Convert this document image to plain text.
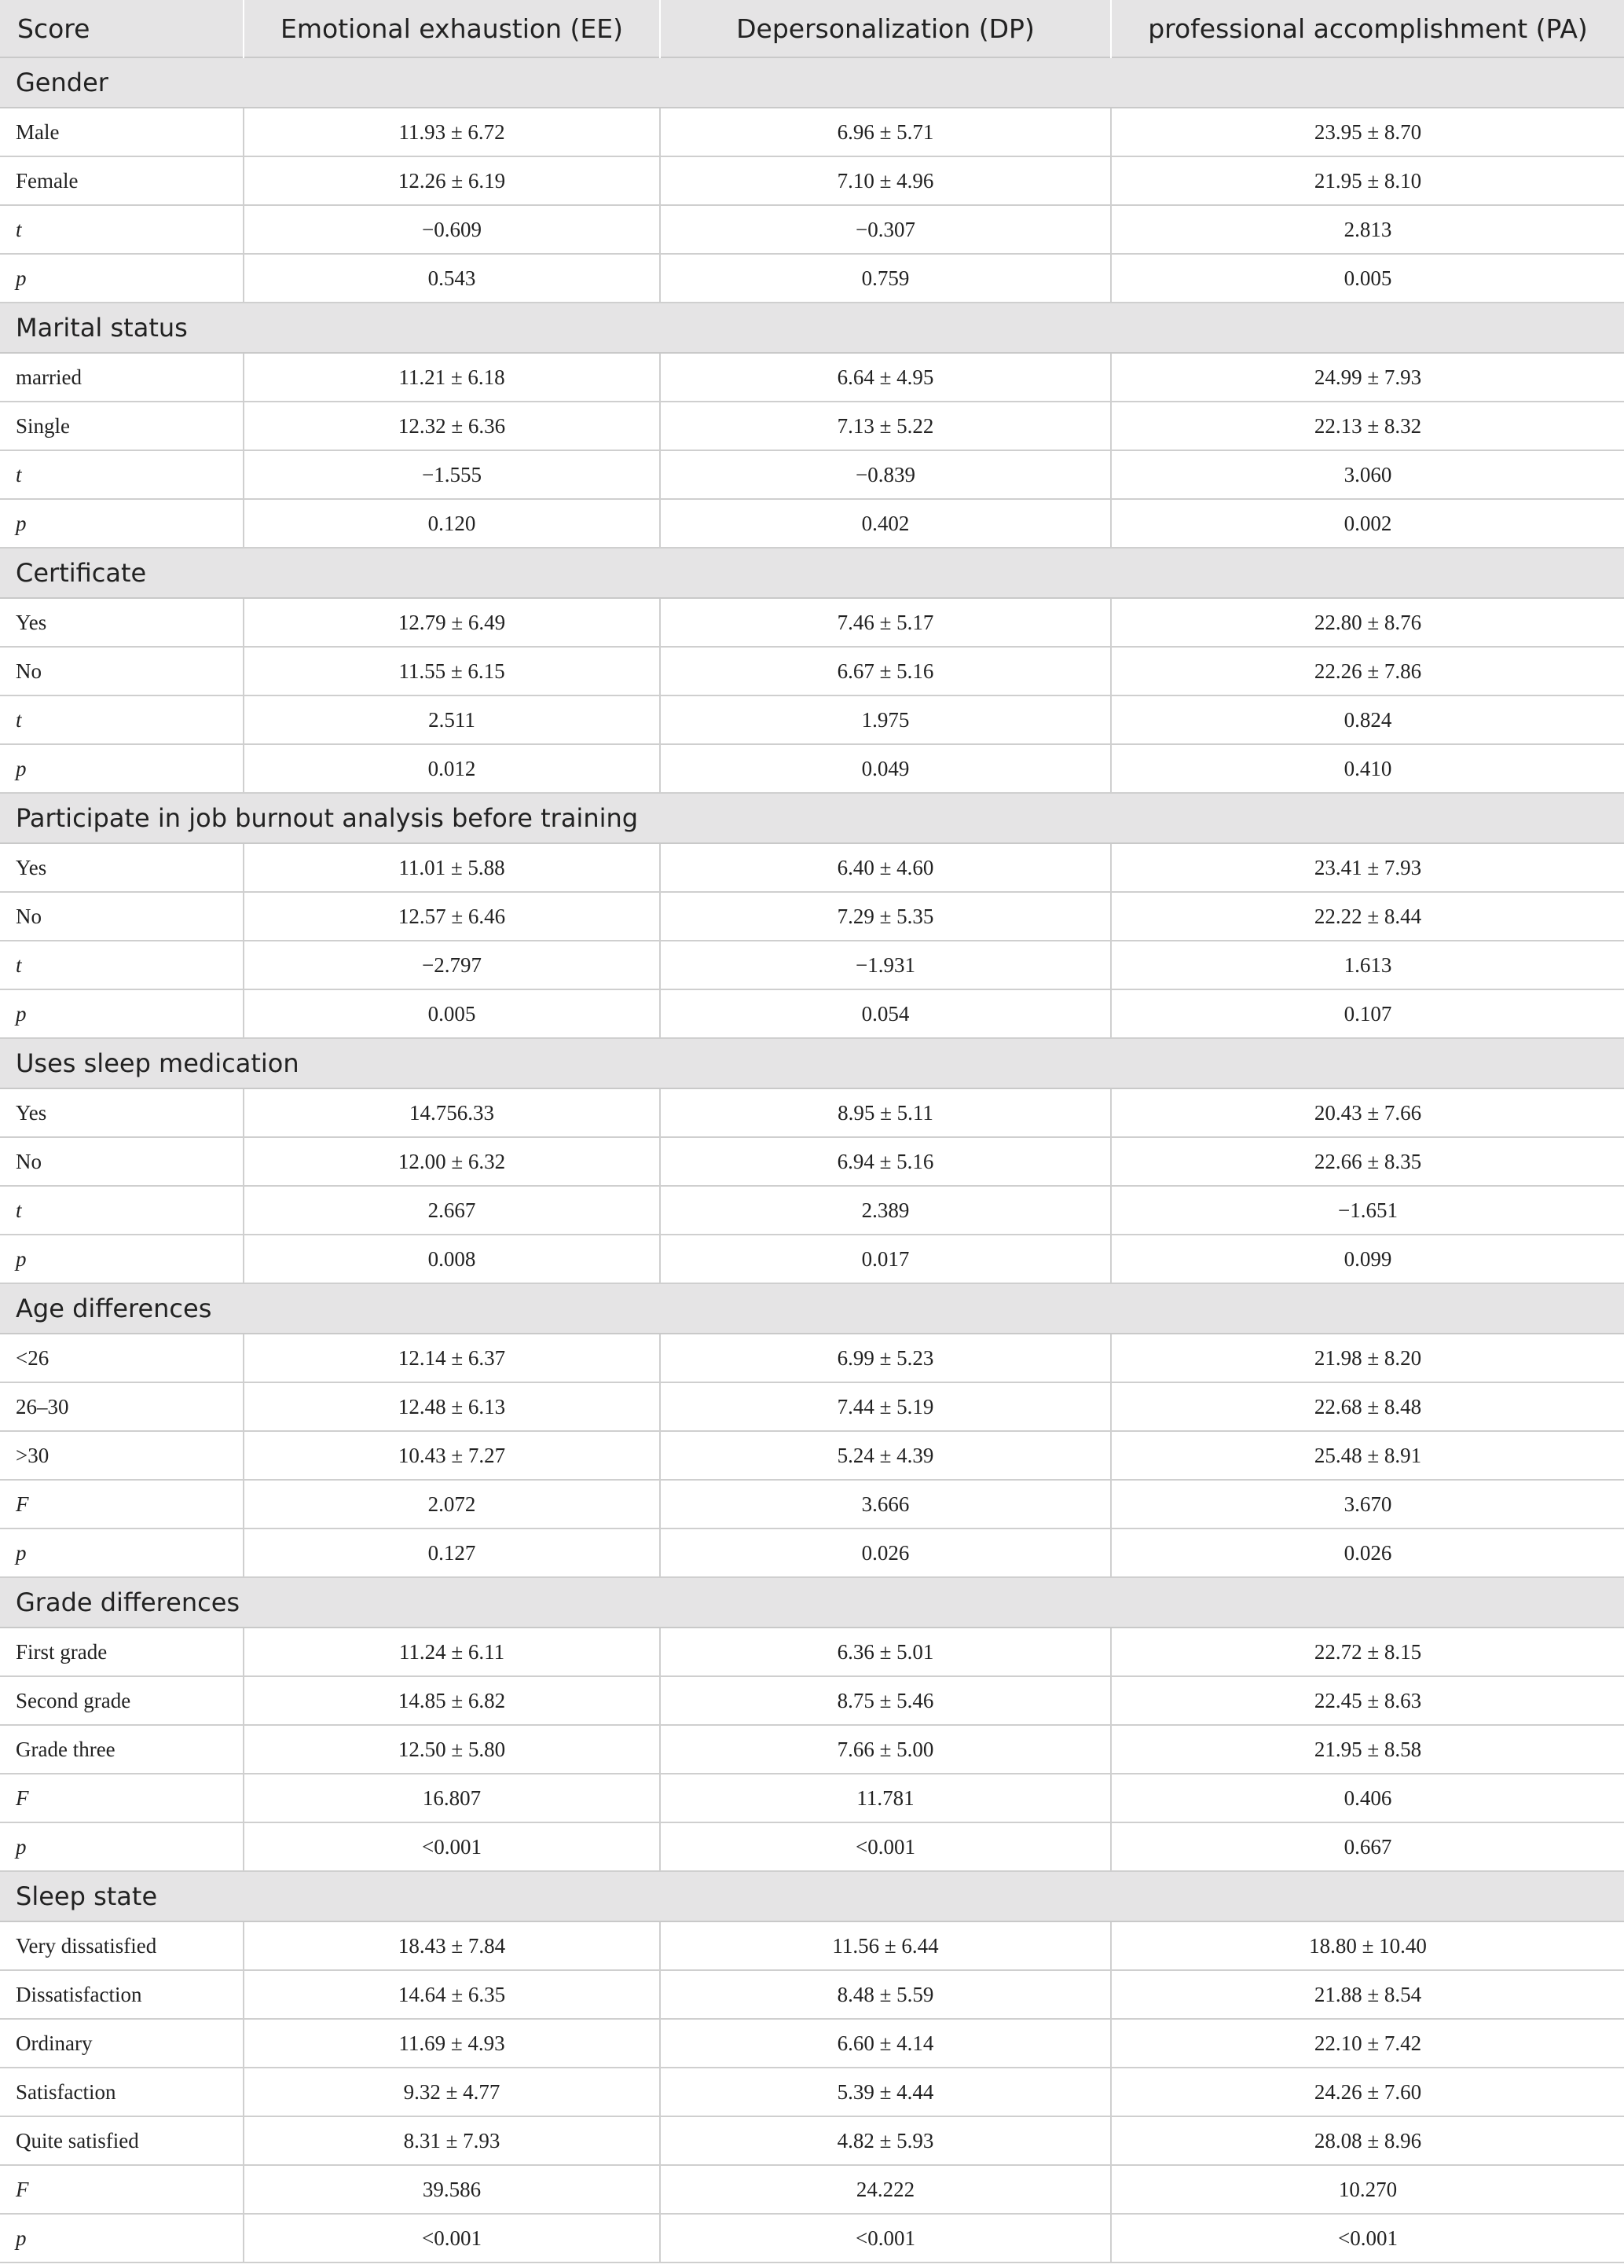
Score	Emotional exhaustion (EE)	Depersonalization (DP)	professional accomplishment (PA)
Gender			
Male	11.93 ± 6.72	6.96 ± 5.71	23.95 ± 8.70
Female	12.26 ± 6.19	7.10 ± 4.96	21.95 ± 8.10
t	−0.609	−0.307	2.813
p	0.543	0.759	0.005
Marital status			
married	11.21 ± 6.18	6.64 ± 4.95	24.99 ± 7.93
Single	12.32 ± 6.36	7.13 ± 5.22	22.13 ± 8.32
t	−1.555	−0.839	3.060
p	0.120	0.402	0.002
Certificate			
Yes	12.79 ± 6.49	7.46 ± 5.17	22.80 ± 8.76
No	11.55 ± 6.15	6.67 ± 5.16	22.26 ± 7.86
t	2.511	1.975	0.824
p	0.012	0.049	0.410
Participate in job burnout analysis before training			
Yes	11.01 ± 5.88	6.40 ± 4.60	23.41 ± 7.93
No	12.57 ± 6.46	7.29 ± 5.35	22.22 ± 8.44
t	−2.797	−1.931	1.613
p	0.005	0.054	0.107
Uses sleep medication			
Yes	14.756.33	8.95 ± 5.11	20.43 ± 7.66
No	12.00 ± 6.32	6.94 ± 5.16	22.66 ± 8.35
t	2.667	2.389	−1.651
p	0.008	0.017	0.099
Age differences			
<26	12.14 ± 6.37	6.99 ± 5.23	21.98 ± 8.20
26–30	12.48 ± 6.13	7.44 ± 5.19	22.68 ± 8.48
>30	10.43 ± 7.27	5.24 ± 4.39	25.48 ± 8.91
F	2.072	3.666	3.670
p	0.127	0.026	0.026
Grade differences			
First grade	11.24 ± 6.11	6.36 ± 5.01	22.72 ± 8.15
Second grade	14.85 ± 6.82	8.75 ± 5.46	22.45 ± 8.63
Grade three	12.50 ± 5.80	7.66 ± 5.00	21.95 ± 8.58
F	16.807	11.781	0.406
p	<0.001	<0.001	0.667
Sleep state			
Very dissatisfied	18.43 ± 7.84	11.56 ± 6.44	18.80 ± 10.40
Dissatisfaction	14.64 ± 6.35	8.48 ± 5.59	21.88 ± 8.54
Ordinary	11.69 ± 4.93	6.60 ± 4.14	22.10 ± 7.42
Satisfaction	9.32 ± 4.77	5.39 ± 4.44	24.26 ± 7.60
Quite satisfied	8.31 ± 7.93	4.82 ± 5.93	28.08 ± 8.96
F	39.586	24.222	10.270
p	<0.001	<0.001	<0.001
